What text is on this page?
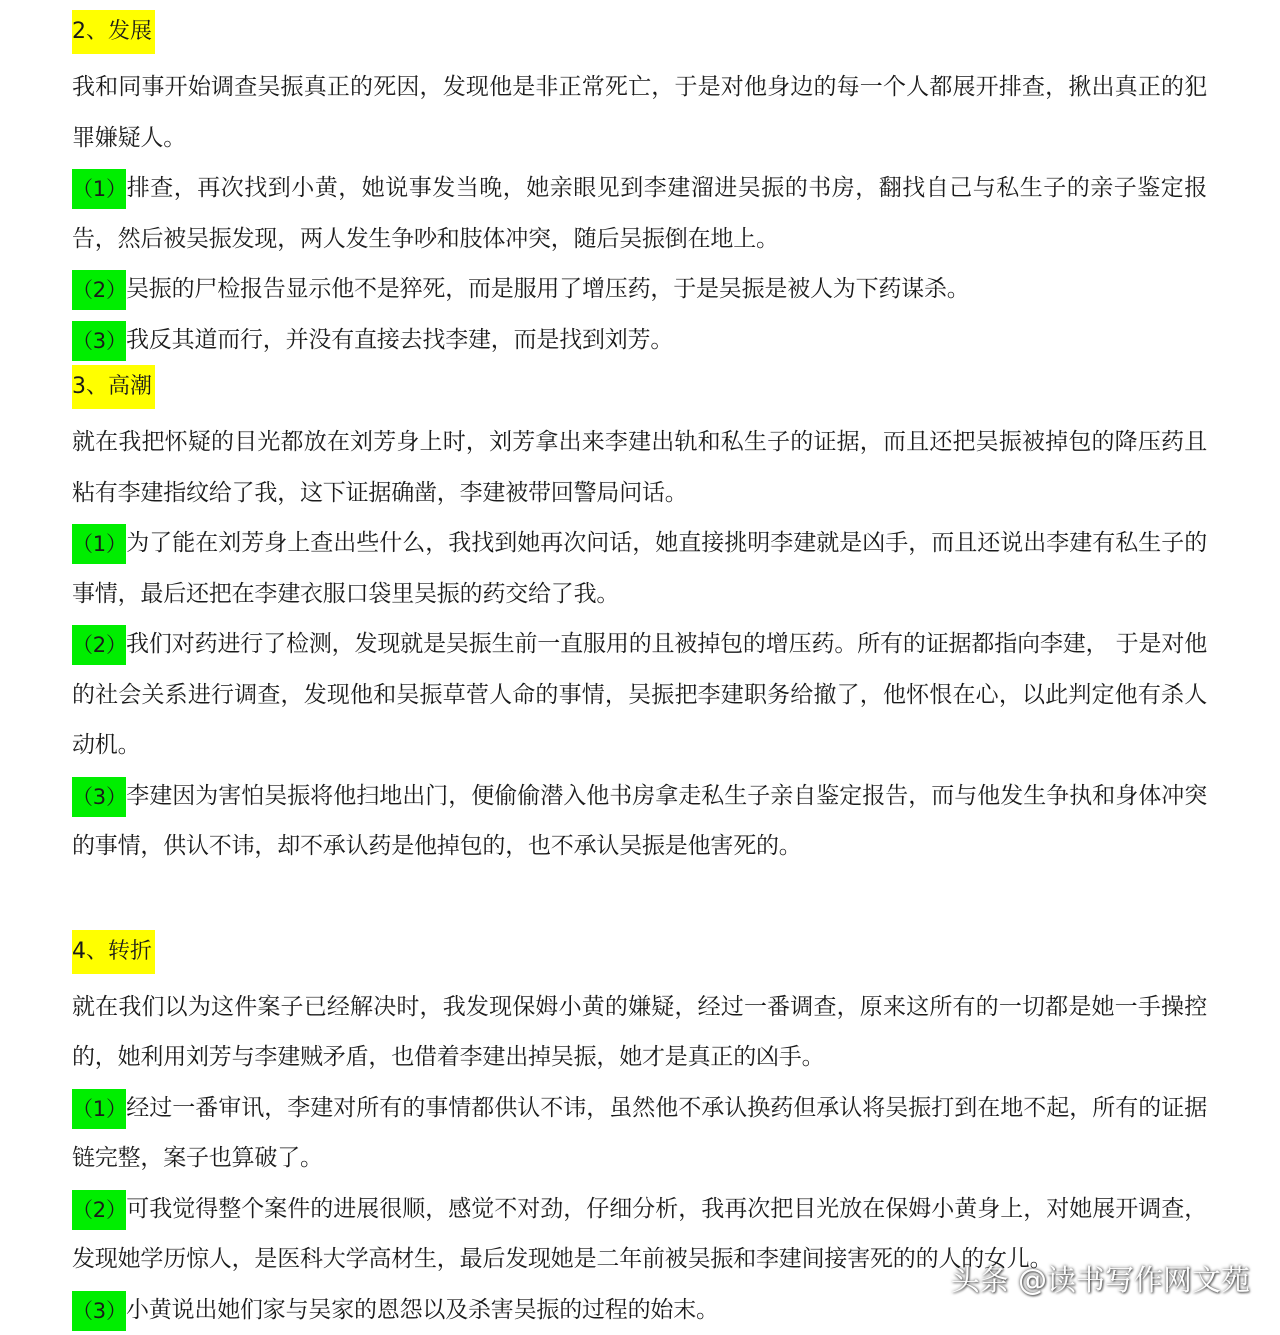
2、发展

我和同事开始调查吴振真正的死因，发现他是非正常死亡，于是对他身边的每一个人都展开排查，揪出真正的犯罪嫌疑人。

（1）排查，再次找到小黄，她说事发当晚，她亲眼见到李建溜进吴振的书房，翻找自己与私生子的亲子鉴定报告，然后被吴振发现，两人发生争吵和肢体冲突，随后吴振倒在地上。

（2）吴振的尸检报告显示他不是猝死，而是服用了增压药，于是吴振是被人为下药谋杀。

（3）我反其道而行，并没有直接去找李建，而是找到刘芳。

3、高潮

就在我把怀疑的目光都放在刘芳身上时，刘芳拿出来李建出轨和私生子的证据，而且还把吴振被掉包的降压药且粘有李建指纹给了我，这下证据确凿，李建被带回警局问话。

（1）为了能在刘芳身上查出些什么，我找到她再次问话，她直接挑明李建就是凶手，而且还说出李建有私生子的事情，最后还把在李建衣服口袋里吴振的药交给了我。

（2）我们对药进行了检测，发现就是吴振生前一直服用的且被掉包的增压药。所有的证据都指向李建， 于是对他的社会关系进行调查，发现他和吴振草菅人命的事情，吴振把李建职务给撤了，他怀恨在心，以此判定他有杀人动机。

（3）李建因为害怕吴振将他扫地出门，便偷偷潜入他书房拿走私生子亲自鉴定报告，而与他发生争执和身体冲突的事情，供认不讳，却不承认药是他掉包的，也不承认吴振是他害死的。

4、转折

就在我们以为这件案子已经解决时，我发现保姆小黄的嫌疑，经过一番调查，原来这所有的一切都是她一手操控的，她利用刘芳与李建贼矛盾，也借着李建出掉吴振，她才是真正的凶手。

（1）经过一番审讯，李建对所有的事情都供认不讳，虽然他不承认换药但承认将吴振打到在地不起，所有的证据链完整，案子也算破了。

（2）可我觉得整个案件的进展很顺，感觉不对劲，仔细分析，我再次把目光放在保姆小黄身上，对她展开调查，发现她学历惊人，是医科大学高材生，最后发现她是二年前被吴振和李建间接害死的的人的女儿。

（3）小黄说出她们家与吴家的恩怨以及杀害吴振的过程的始末。

头条 @读书写作网文苑
